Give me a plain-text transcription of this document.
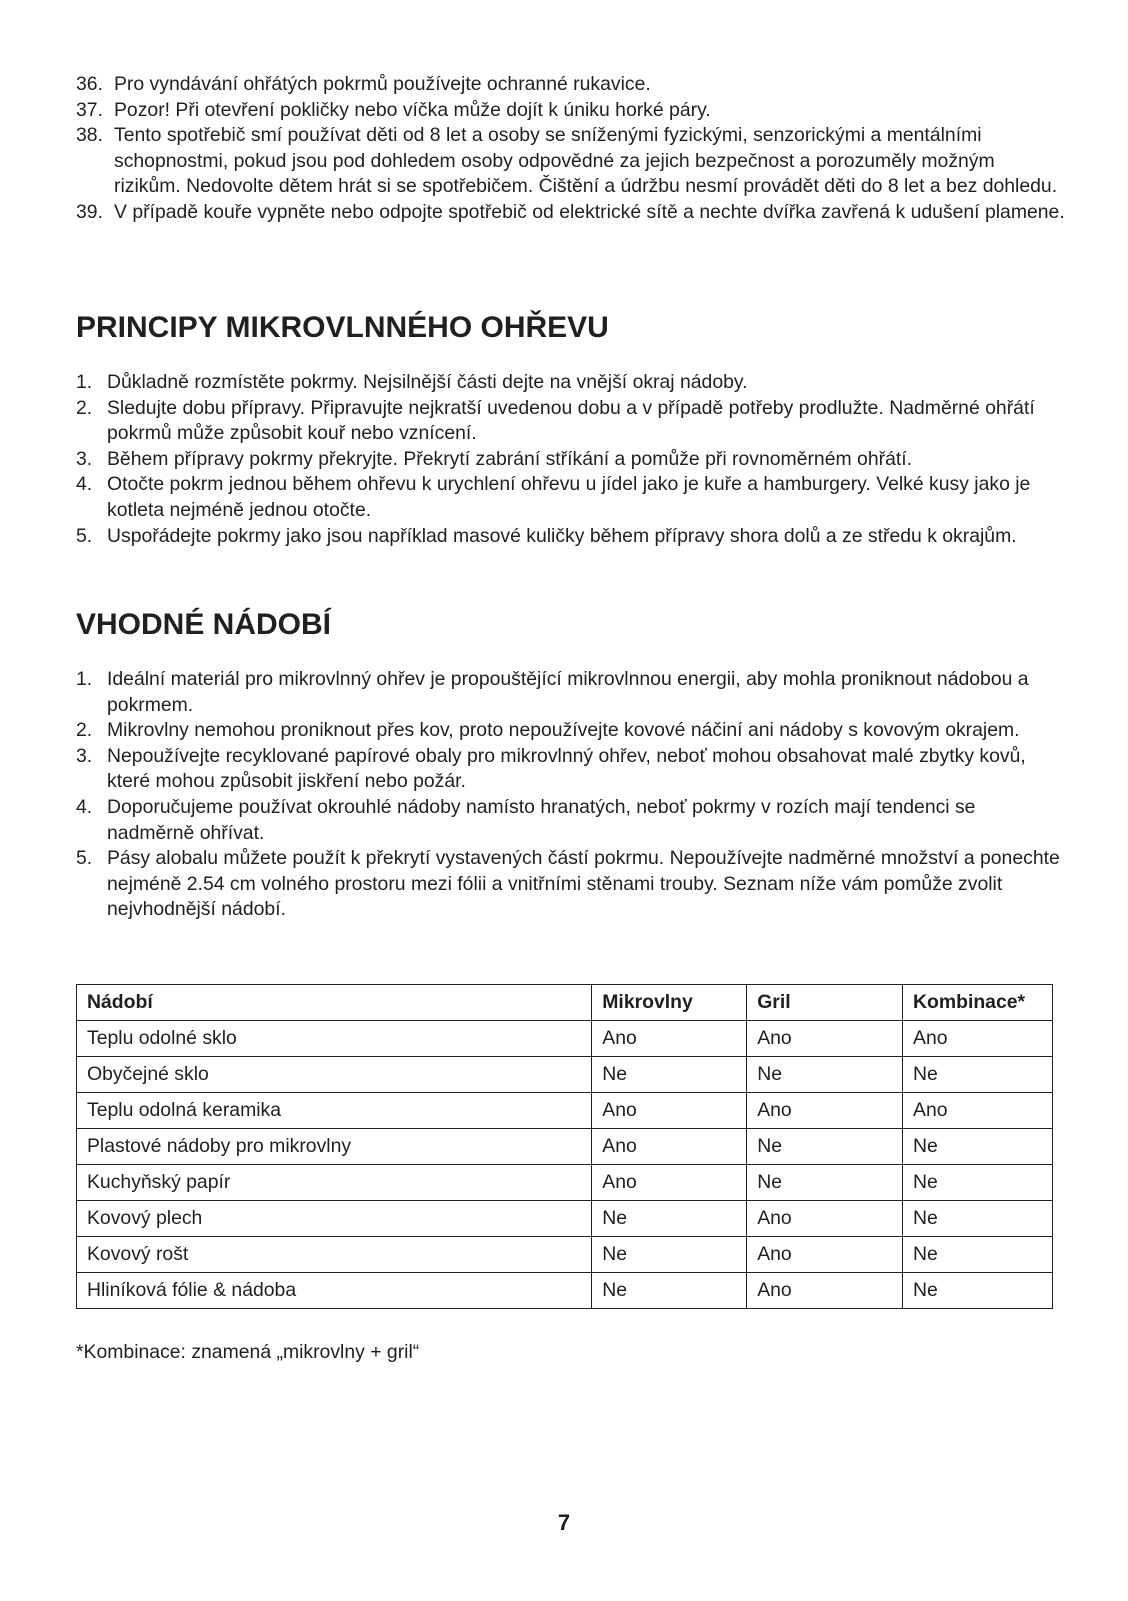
36. Pro vyndávání ohřátých pokrmů používejte ochranné rukavice.
37. Pozor! Při otevření pokličky nebo víčka může dojít k úniku horké páry.
38. Tento spotřebič smí používat děti od 8 let a osoby se sníženými fyzickými, senzorickými a mentálními schopnostmi, pokud jsou pod dohledem osoby odpovědné za jejich bezpečnost a porozuměly možným rizikům. Nedovolte dětem hrát si se spotřebičem. Čištění a údržbu nesmí provádět děti do 8 let a bez dohledu.
39. V případě kouře vypněte nebo odpojte spotřebič od elektrické sítě a nechte dvířka zavřená k udušení plamene.
PRINCIPY MIKROVLNNÉHO OHŘEVU
1. Důkladně rozmístěte pokrmy. Nejsilnější části dejte na vnější okraj nádoby.
2. Sledujte dobu přípravy. Připravujte nejkratší uvedenou dobu a v případě potřeby prodlužte. Nadměrné ohřátí pokrmů může způsobit kouř nebo vznícení.
3. Během přípravy pokrmy překryjte. Překrytí zabrání stříkání a pomůže při rovnoměrném ohřátí.
4. Otočte pokrm jednou během ohřevu k urychlení ohřevu u jídel jako je kuře a hamburgery. Velké kusy jako je kotleta nejméně jednou otočte.
5. Uspořádejte pokrmy jako jsou například masové kuličky během přípravy shora dolů a ze středu k okrajům.
VHODNÉ NÁDOBÍ
1. Ideální materiál pro mikrovlnný ohřev je propouštějící mikrovlnnou energii, aby mohla proniknout nádobou a pokrmem.
2. Mikrovlny nemohou proniknout přes kov, proto nepoužívejte kovové náčiní ani nádoby s kovovým okrajem.
3. Nepoužívejte recyklované papírové obaly pro mikrovlnný ohřev, neboť mohou obsahovat malé zbytky kovů, které mohou způsobit jiskření nebo požár.
4. Doporučujeme používat okrouhlé nádoby namísto hranatých, neboť pokrmy v rozích mají tendenci se nadměrně ohřívat.
5. Pásy alobalu můžete použít k překrytí vystavených částí pokrmu. Nepoužívejte nadměrné množství a ponechte nejméně 2.54 cm volného prostoru mezi fólii a vnitřními stěnami trouby. Seznam níže vám pomůže zvolit nejvhodnější nádobí.
Nádobí	Mikrovlny	Gril	Kombinace*
Teplu odolné sklo	Ano	Ano	Ano
Obyčejné sklo	Ne	Ne	Ne
Teplu odolná keramika	Ano	Ano	Ano
Plastové nádoby pro mikrovlny	Ano	Ne	Ne
Kuchyňský papír	Ano	Ne	Ne
Kovový plech	Ne	Ano	Ne
Kovový rošt	Ne	Ano	Ne
Hliníková fólie & nádoba	Ne	Ano	Ne
*Kombinace: znamená „mikrovlny + gril“
7
